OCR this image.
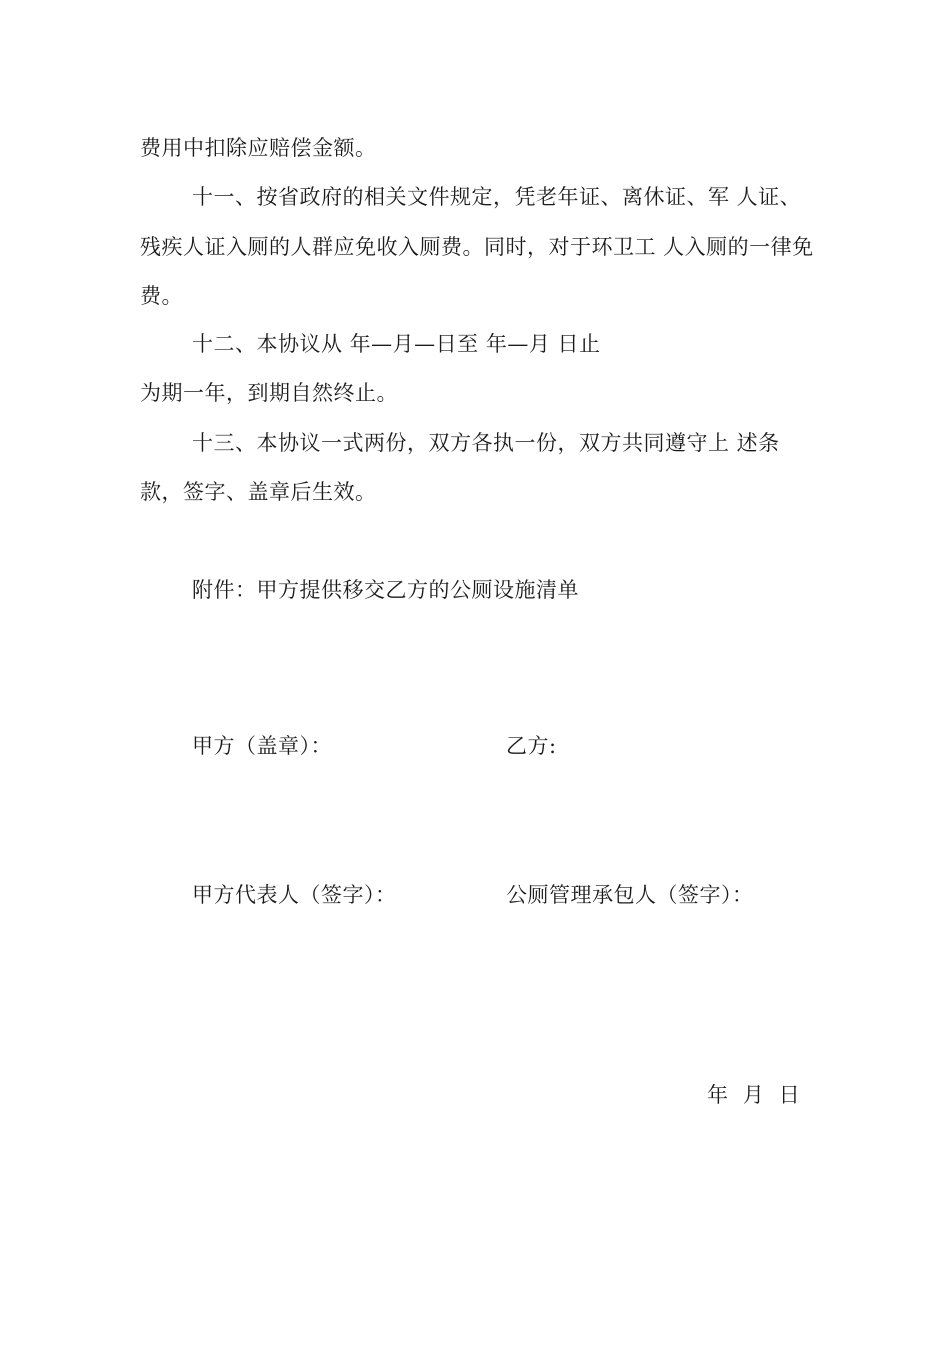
费用中扣除应赔偿金额。
十一、按省政府的相关文件规定，凭老年证、离休证、军 人证、
残疾人证入厕的人群应免收入厕费。同时，对于环卫工 人入厕的一律免
费。
十二、本协议从 年—月—日至 年—月 日止
为期一年，到期自然终止。
十三、本协议一式两份，双方各执一份，双方共同遵守上 述条
款，签字、盖章后生效。
附件：甲方提供移交乙方的公厕设施清单
甲方（盖章）：	乙方:
甲方代表人（签字）：	公厕管理承包人（签字）：
年  月  日
